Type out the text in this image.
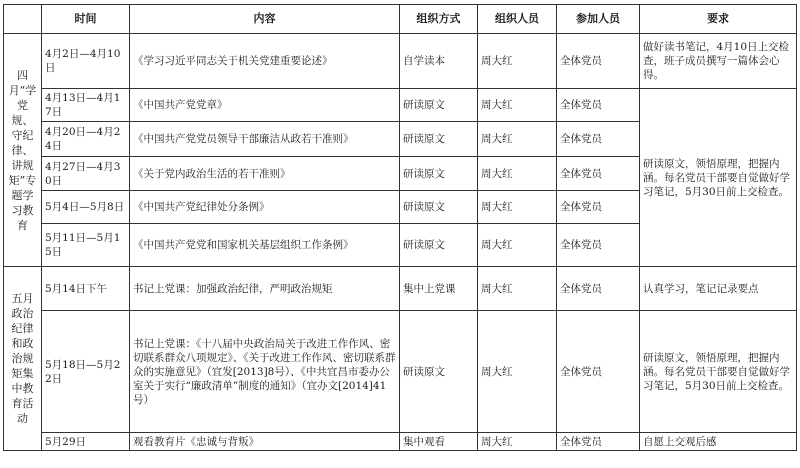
	时间	内容	组织方式	组织人员	参加人员	要求
四月“学党规、守纪律、讲规矩”专题学习教育	4月2日—4月10日	《学习习近平同志关于机关党建重要论述》	自学读本	周大红	全体党员	做好读书笔记，4月10日上交检查，班子成员撰写一篇体会心得。
	4月13日—4月17日	《中国共产党党章》	研读原文	周大红	全体党员	研读原文，领悟原理，把握内涵。每名党员干部要自觉做好学习笔记，5月30日前上交检查。
	4月20日—4月24日	《中国共产党党员领导干部廉洁从政若干准则》	研读原文	周大红	全体党员	
	4月27日—4月30日	《关于党内政治生活的若干准则》	研读原文	周大红	全体党员	
	5月4日—5月8日	《中国共产党纪律处分条例》	研读原文	周大红	全体党员	
	5月11日—5月15日	《中国共产党党和国家机关基层组织工作条例》	研读原文	周大红	全体党员	
五月政治纪律和政治规矩集中教育活动	5月14日下午	书记上党课：加强政治纪律，严明政治规矩	集中上党课	周大红	全体党员	认真学习，笔记记录要点
	5月18日—5月22日	书记上党课：《十八届中央政治局关于改进工作作风、密切联系群众八项规定》、《关于改进工作作风、密切联系群众的实施意见》（宜发[2013]8号）、《中共宜昌市委办公室关于实行“廉政清单”制度的通知》（宜办文[2014]41号）	研读原文	周大红	全体党员	研读原文，领悟原理，把握内涵。每名党员干部要自觉做好学习笔记，5月30日前上交检查。
	5月29日	观看教育片《忠诚与背叛》	集中观看	周大红	全体党员	自愿上交观后感
